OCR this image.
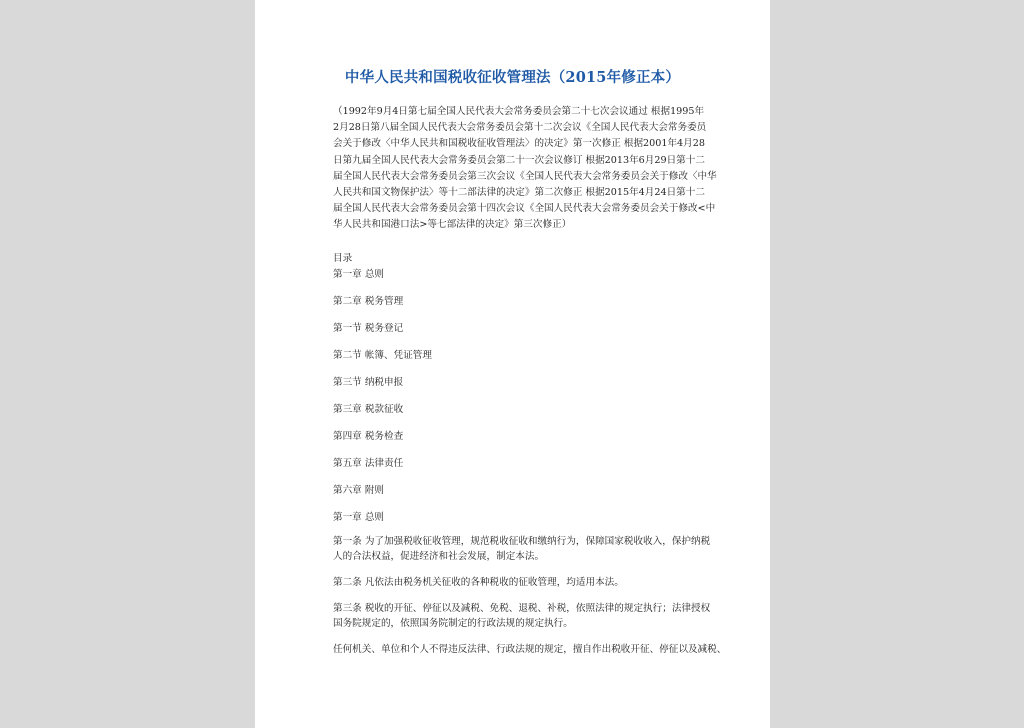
中华人民共和国税收征收管理法（2015年修正本）
（1992年9月4日第七届全国人民代表大会常务委员会第二十七次会议通过 根据1995年
2月28日第八届全国人民代表大会常务委员会第十二次会议《全国人民代表大会常务委员
会关于修改〈中华人民共和国税收征收管理法〉的决定》第一次修正 根据2001年4月28
日第九届全国人民代表大会常务委员会第二十一次会议修订 根据2013年6月29日第十二
届全国人民代表大会常务委员会第三次会议《全国人民代表大会常务委员会关于修改〈中华
人民共和国文物保护法〉等十二部法律的决定》第二次修正 根据2015年4月24日第十二
届全国人民代表大会常务委员会第十四次会议《全国人民代表大会常务委员会关于修改<中
华人民共和国港口法>等七部法律的决定》第三次修正）
目录
第一章 总则
第二章 税务管理
第一节 税务登记
第二节 帐簿、凭证管理
第三节 纳税申报
第三章 税款征收
第四章 税务检查
第五章 法律责任
第六章 附则
第一章 总则
第一条 为了加强税收征收管理，规范税收征收和缴纳行为，保障国家税收收入，保护纳税
人的合法权益，促进经济和社会发展，制定本法。
第二条 凡依法由税务机关征收的各种税收的征收管理，均适用本法。
第三条 税收的开征、停征以及减税、免税、退税、补税，依照法律的规定执行；法律授权
国务院规定的，依照国务院制定的行政法规的规定执行。
任何机关、单位和个人不得违反法律、行政法规的规定，擅自作出税收开征、停征以及减税、
